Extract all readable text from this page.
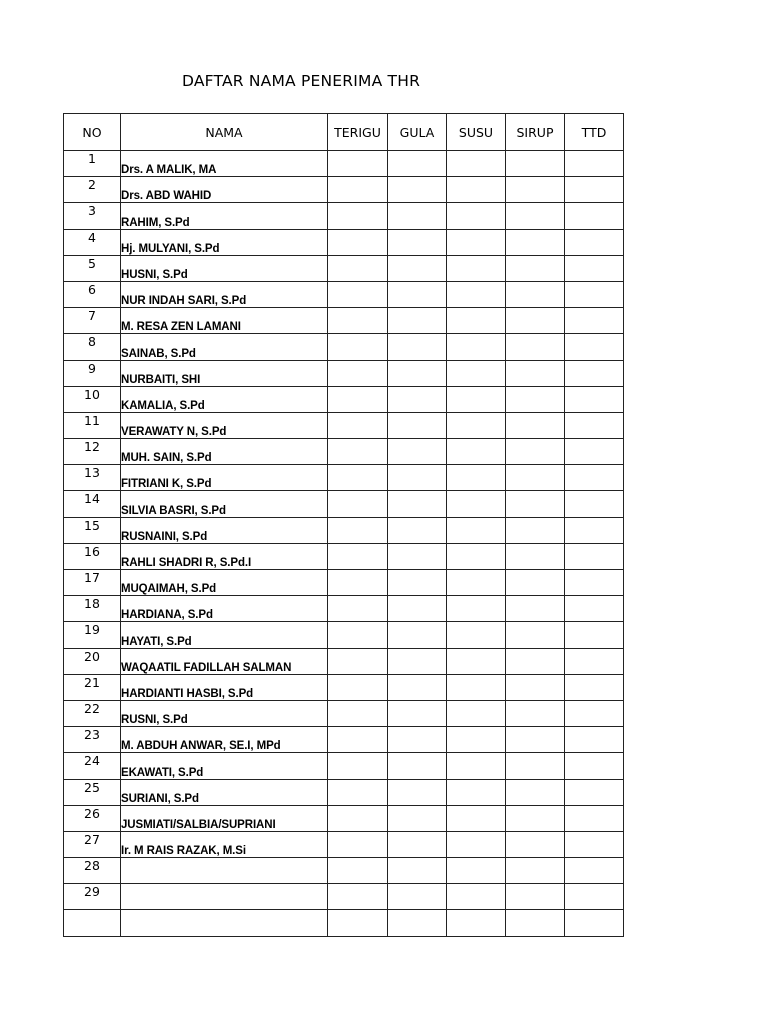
DAFTAR NAMA PENERIMA THR
NO	NAMA	TERIGU	GULA	SUSU	SIRUP	TTD
1	Drs. A MALIK, MA					
2	Drs. ABD WAHID					
3	RAHIM, S.Pd					
4	Hj. MULYANI, S.Pd					
5	HUSNI, S.Pd					
6	NUR INDAH SARI, S.Pd					
7	M. RESA ZEN LAMANI					
8	SAINAB, S.Pd					
9	NURBAITI, SHI					
10	KAMALIA, S.Pd					
11	VERAWATY N, S.Pd					
12	MUH. SAIN, S.Pd					
13	FITRIANI K, S.Pd					
14	SILVIA BASRI, S.Pd					
15	RUSNAINI, S.Pd					
16	RAHLI SHADRI R, S.Pd.I					
17	MUQAIMAH, S.Pd					
18	HARDIANA, S.Pd					
19	HAYATI, S.Pd					
20	WAQAATIL FADILLAH SALMAN					
21	HARDIANTI HASBI, S.Pd					
22	RUSNI, S.Pd					
23	M. ABDUH ANWAR, SE.I, MPd					
24	EKAWATI, S.Pd					
25	SURIANI, S.Pd					
26	JUSMIATI/SALBIA/SUPRIANI					
27	Ir. M RAIS RAZAK, M.Si					
28						
29						
